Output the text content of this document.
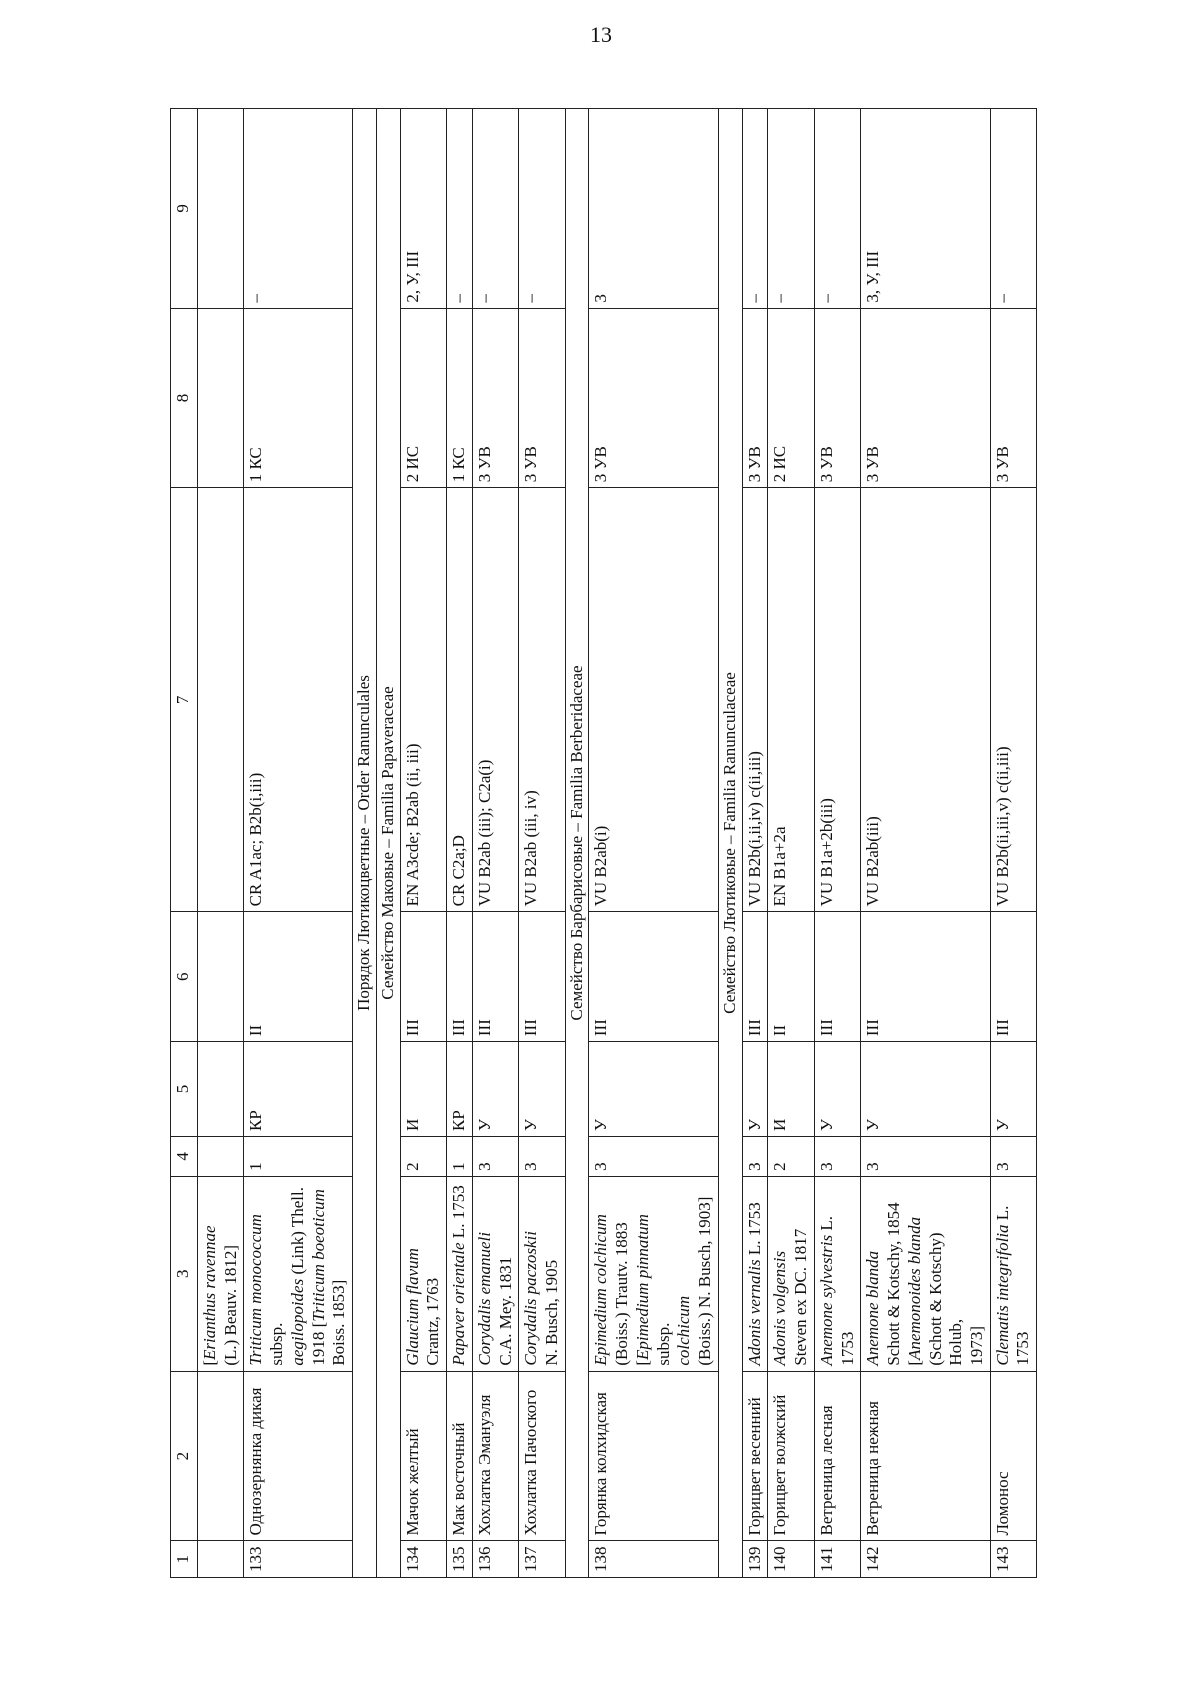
13
1	2	3	4	5	6	7	8	9
		[Erianthus ravennae (L.) Beauv. 1812]						
133	Однозернянка дикая	Triticum monococcum subsp. aegilopoides (Link) Thell.
1918 [Triticum boeoticum
Boiss. 1853]	1	КР	II	CR A1ac; B2b(i,iii)	1 КС	–
Порядок Лютикоцветные – Order Ranunculales								
Семейство Маковые – Familia Papaveraceae								
134	Мачок желтый	Glaucium flavum Crantz, 1763	2	И	III	EN A3cde; B2ab (ii, iii)	2 ИС	2, У, III
135	Мак восточный	Papaver orientale L. 1753	1	КР	III	CR C2a;D	1 КС	–
136	Хохлатка Эмануэля	Corydalis emanueli C.A. Mey. 1831	3	У	III	VU B2ab (iii); C2a(i)	3 УВ	–
137	Хохлатка Пачоского	Corydalis paczoskii N. Busch, 1905	3	У	III	VU B2ab (iii, iv)	3 УВ	–
Семейство Барбарисовые – Familia Berberidaceae								
138	Горянка колхидская	Epimedium colchicum (Boiss.) Trautv. 1883 [Epimedium pinnatum subsp. colchicum (Boiss.) N. Busch, 1903]	3	У	III	VU B2ab(i)	3 УВ	3
Семейство Лютиковые – Familia Ranunculaceae								
139	Горицвет весенний	Adonis vernalis L. 1753	3	У	III	VU B2b(i,ii,iv) c(ii,iii)	3 УВ	–
140	Горицвет волжский	Adonis volgensis Steven ex DC. 1817	2	И	II	EN B1a+2a	2 ИС	–
141	Ветреница лесная	Anemone sylvestris L. 1753	3	У	III	VU B1a+2b(iii)	3 УВ	–
142	Ветреница нежная	Anemone blanda Schott & Kotschy, 1854 [Anemonoides blanda (Schott & Kotschy) Holub, 1973]	3	У	III	VU B2ab(iii)	3 УВ	3, У, III
143	Ломонос	Clematis integrifolia L. 1753	3	У	III	VU B2b(ii,iii,v) c(ii,iii)	3 УВ	–
